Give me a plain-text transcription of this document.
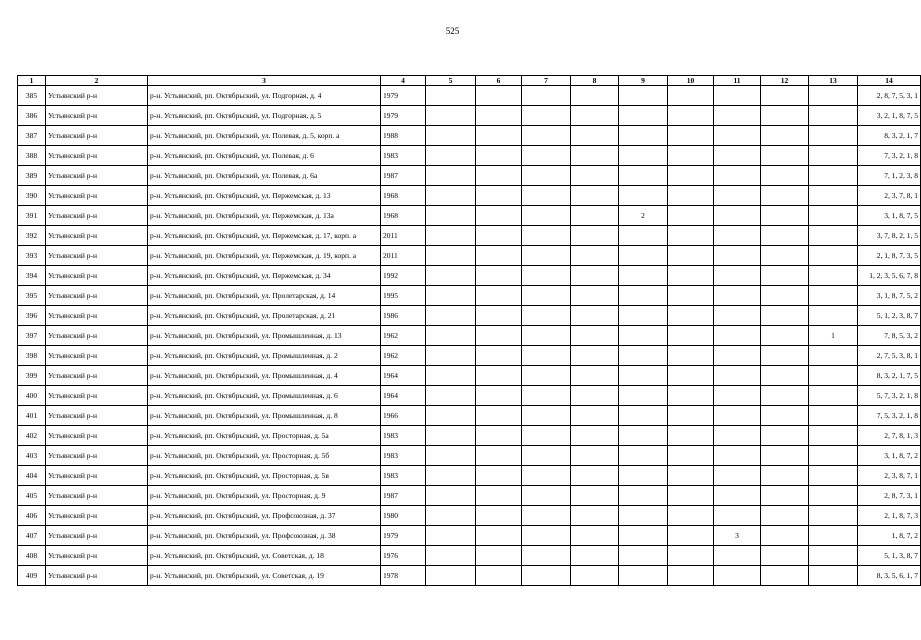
525
1	2	3	4	5	6	7	8	9	10	11	12	13	14
385	Устьянский р-н	р-н. Устьянский, рп. Октябрьский, ул. Подгорная, д. 4	1979										2, 8, 7, 5, 3, 1
386	Устьянский р-н	р-н. Устьянский, рп. Октябрьский, ул. Подгорная, д. 5	1979										3, 2, 1, 8, 7, 5
387	Устьянский р-н	р-н. Устьянский, рп. Октябрьский, ул. Полевая, д. 5, корп. а	1988										8, 3, 2, 1, 7
388	Устьянский р-н	р-н. Устьянский, рп. Октябрьский, ул. Полевая, д. 6	1983										7, 3, 2, 1, 8
389	Устьянский р-н	р-н. Устьянский, рп. Октябрьский, ул. Полевая, д. 6а	1987										7, 1, 2, 3, 8
390	Устьянский р-н	р-н. Устьянский, рп. Октябрьский, ул. Пержемская, д. 13	1968										2, 3, 7, 8, 1
391	Устьянский р-н	р-н. Устьянский, рп. Октябрьский, ул. Пержемская, д. 13а	1968					2					3, 1, 8, 7, 5
392	Устьянский р-н	р-н. Устьянский, рп. Октябрьский, ул. Пержемская, д. 17, корп. а	2011										3, 7, 8, 2, 1, 5
393	Устьянский р-н	р-н. Устьянский, рп. Октябрьский, ул. Пержемская, д. 19, корп. а	2011										2, 1, 8, 7, 3, 5
394	Устьянский р-н	р-н. Устьянский, рп. Октябрьский, ул. Пержемская, д. 34	1992										1, 2, 3, 5, 6, 7, 8
395	Устьянский р-н	р-н. Устьянский, рп. Октябрьский, ул. Пролетарская, д. 14	1995										3, 1, 8, 7, 5, 2
396	Устьянский р-н	р-н. Устьянский, рп. Октябрьский, ул. Пролетарская, д. 21	1986										5, 1, 2, 3, 8, 7
397	Устьянский р-н	р-н. Устьянский, рп. Октябрьский, ул. Промышленная, д. 13	1962									1	7, 8, 5, 3, 2
398	Устьянский р-н	р-н. Устьянский, рп. Октябрьский, ул. Промышленная, д. 2	1962										2, 7, 5, 3, 8, 1
399	Устьянский р-н	р-н. Устьянский, рп. Октябрьский, ул. Промышленная, д. 4	1964										8, 3, 2, 1, 7, 5
400	Устьянский р-н	р-н. Устьянский, рп. Октябрьский, ул. Промышленная, д. 6	1964										5, 7, 3, 2, 1, 8
401	Устьянский р-н	р-н. Устьянский, рп. Октябрьский, ул. Промышленная, д. 8	1966										7, 5, 3, 2, 1, 8
402	Устьянский р-н	р-н. Устьянский, рп. Октябрьский, ул. Просторная, д. 5а	1983										2, 7, 8, 1, 3
403	Устьянский р-н	р-н. Устьянский, рп. Октябрьский, ул. Просторная, д. 5б	1983										3, 1, 8, 7, 2
404	Устьянский р-н	р-н. Устьянский, рп. Октябрьский, ул. Просторная, д. 5в	1983										2, 3, 8, 7, 1
405	Устьянский р-н	р-н. Устьянский, рп. Октябрьский, ул. Просторная, д. 9	1987										2, 8, 7, 3, 1
406	Устьянский р-н	р-н. Устьянский, рп. Октябрьский, ул. Профсоюзная, д. 37	1980										2, 1, 8, 7, 3
407	Устьянский р-н	р-н. Устьянский, рп. Октябрьский, ул. Профсоюзная, д. 38	1979							3			1, 8, 7, 2
408	Устьянский р-н	р-н. Устьянский, рп. Октябрьский, ул. Советская, д. 18	1976										5, 1, 3, 8, 7
409	Устьянский р-н	р-н. Устьянский, рп. Октябрьский, ул. Советская, д. 19	1978										8, 3, 5, 6, 1, 7
